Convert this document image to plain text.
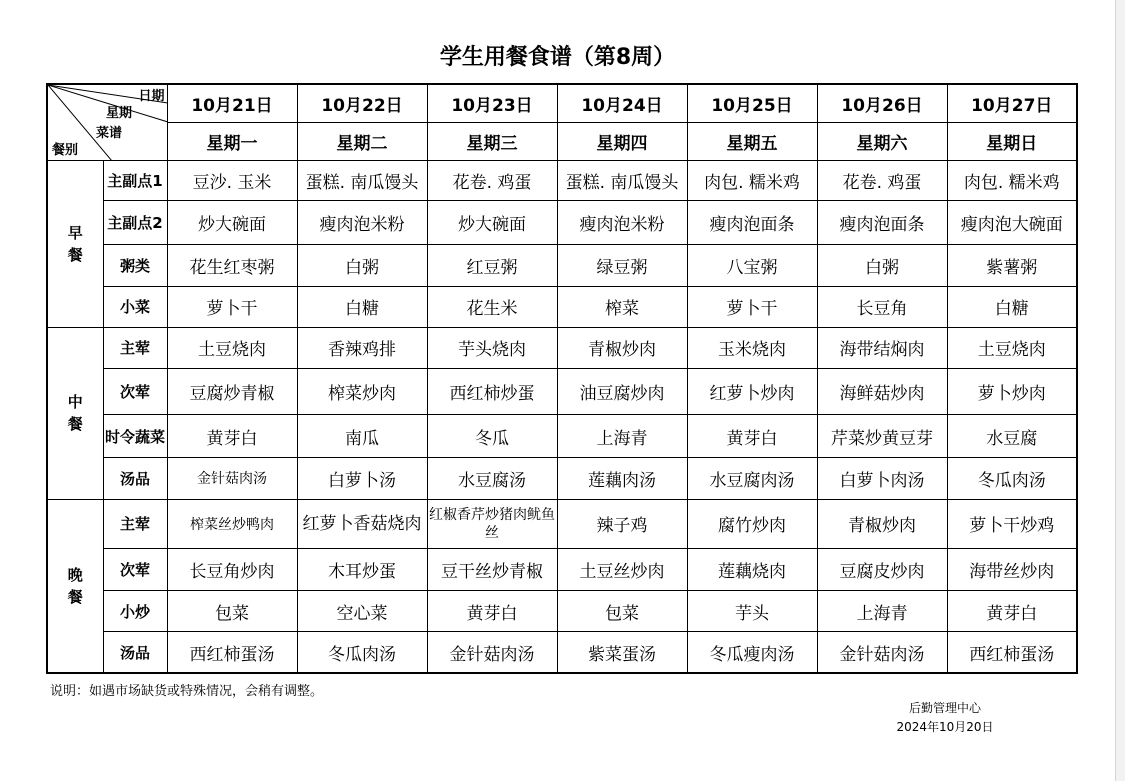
学生用餐食谱（第8周）
日期
星期
菜谱
餐别		10月21日	10月22日	10月23日	10月24日	10月25日	10月26日	10月27日
		星期一	星期二	星期三	星期四	星期五	星期六	星期日

早餐	主副点1	豆沙. 玉米	蛋糕. 南瓜馒头	花卷. 鸡蛋	蛋糕. 南瓜馒头	肉包. 糯米鸡	花卷. 鸡蛋	肉包. 糯米鸡
	主副点2	炒大碗面	瘦肉泡米粉	炒大碗面	瘦肉泡米粉	瘦肉泡面条	瘦肉泡面条	瘦肉泡大碗面
	粥类	花生红枣粥	白粥	红豆粥	绿豆粥	八宝粥	白粥	紫薯粥
	小菜	萝卜干	白糖	花生米	榨菜	萝卜干	长豆角	白糖

中餐	主荤	土豆烧肉	香辣鸡排	芋头烧肉	青椒炒肉	玉米烧肉	海带结焖肉	土豆烧肉
	次荤	豆腐炒青椒	榨菜炒肉	西红柿炒蛋	油豆腐炒肉	红萝卜炒肉	海鲜菇炒肉	萝卜炒肉
	时令蔬菜	黄芽白	南瓜	冬瓜	上海青	黄芽白	芹菜炒黄豆芽	水豆腐
	汤品	金针菇肉汤	白萝卜汤	水豆腐汤	莲藕肉汤	水豆腐肉汤	白萝卜肉汤	冬瓜肉汤

晚餐	主荤	榨菜丝炒鸭肉	红萝卜香菇烧肉	红椒香芹炒猪肉鱿鱼丝	辣子鸡	腐竹炒肉	青椒炒肉	萝卜干炒鸡
	次荤	长豆角炒肉	木耳炒蛋	豆干丝炒青椒	土豆丝炒肉	莲藕烧肉	豆腐皮炒肉	海带丝炒肉
	小炒	包菜	空心菜	黄芽白	包菜	芋头	上海青	黄芽白
	汤品	西红柿蛋汤	冬瓜肉汤	金针菇肉汤	紫菜蛋汤	冬瓜瘦肉汤	金针菇肉汤	西红柿蛋汤
说明：如遇市场缺货或特殊情况，会稍有调整。
后勤管理中心
2024年10月20日
